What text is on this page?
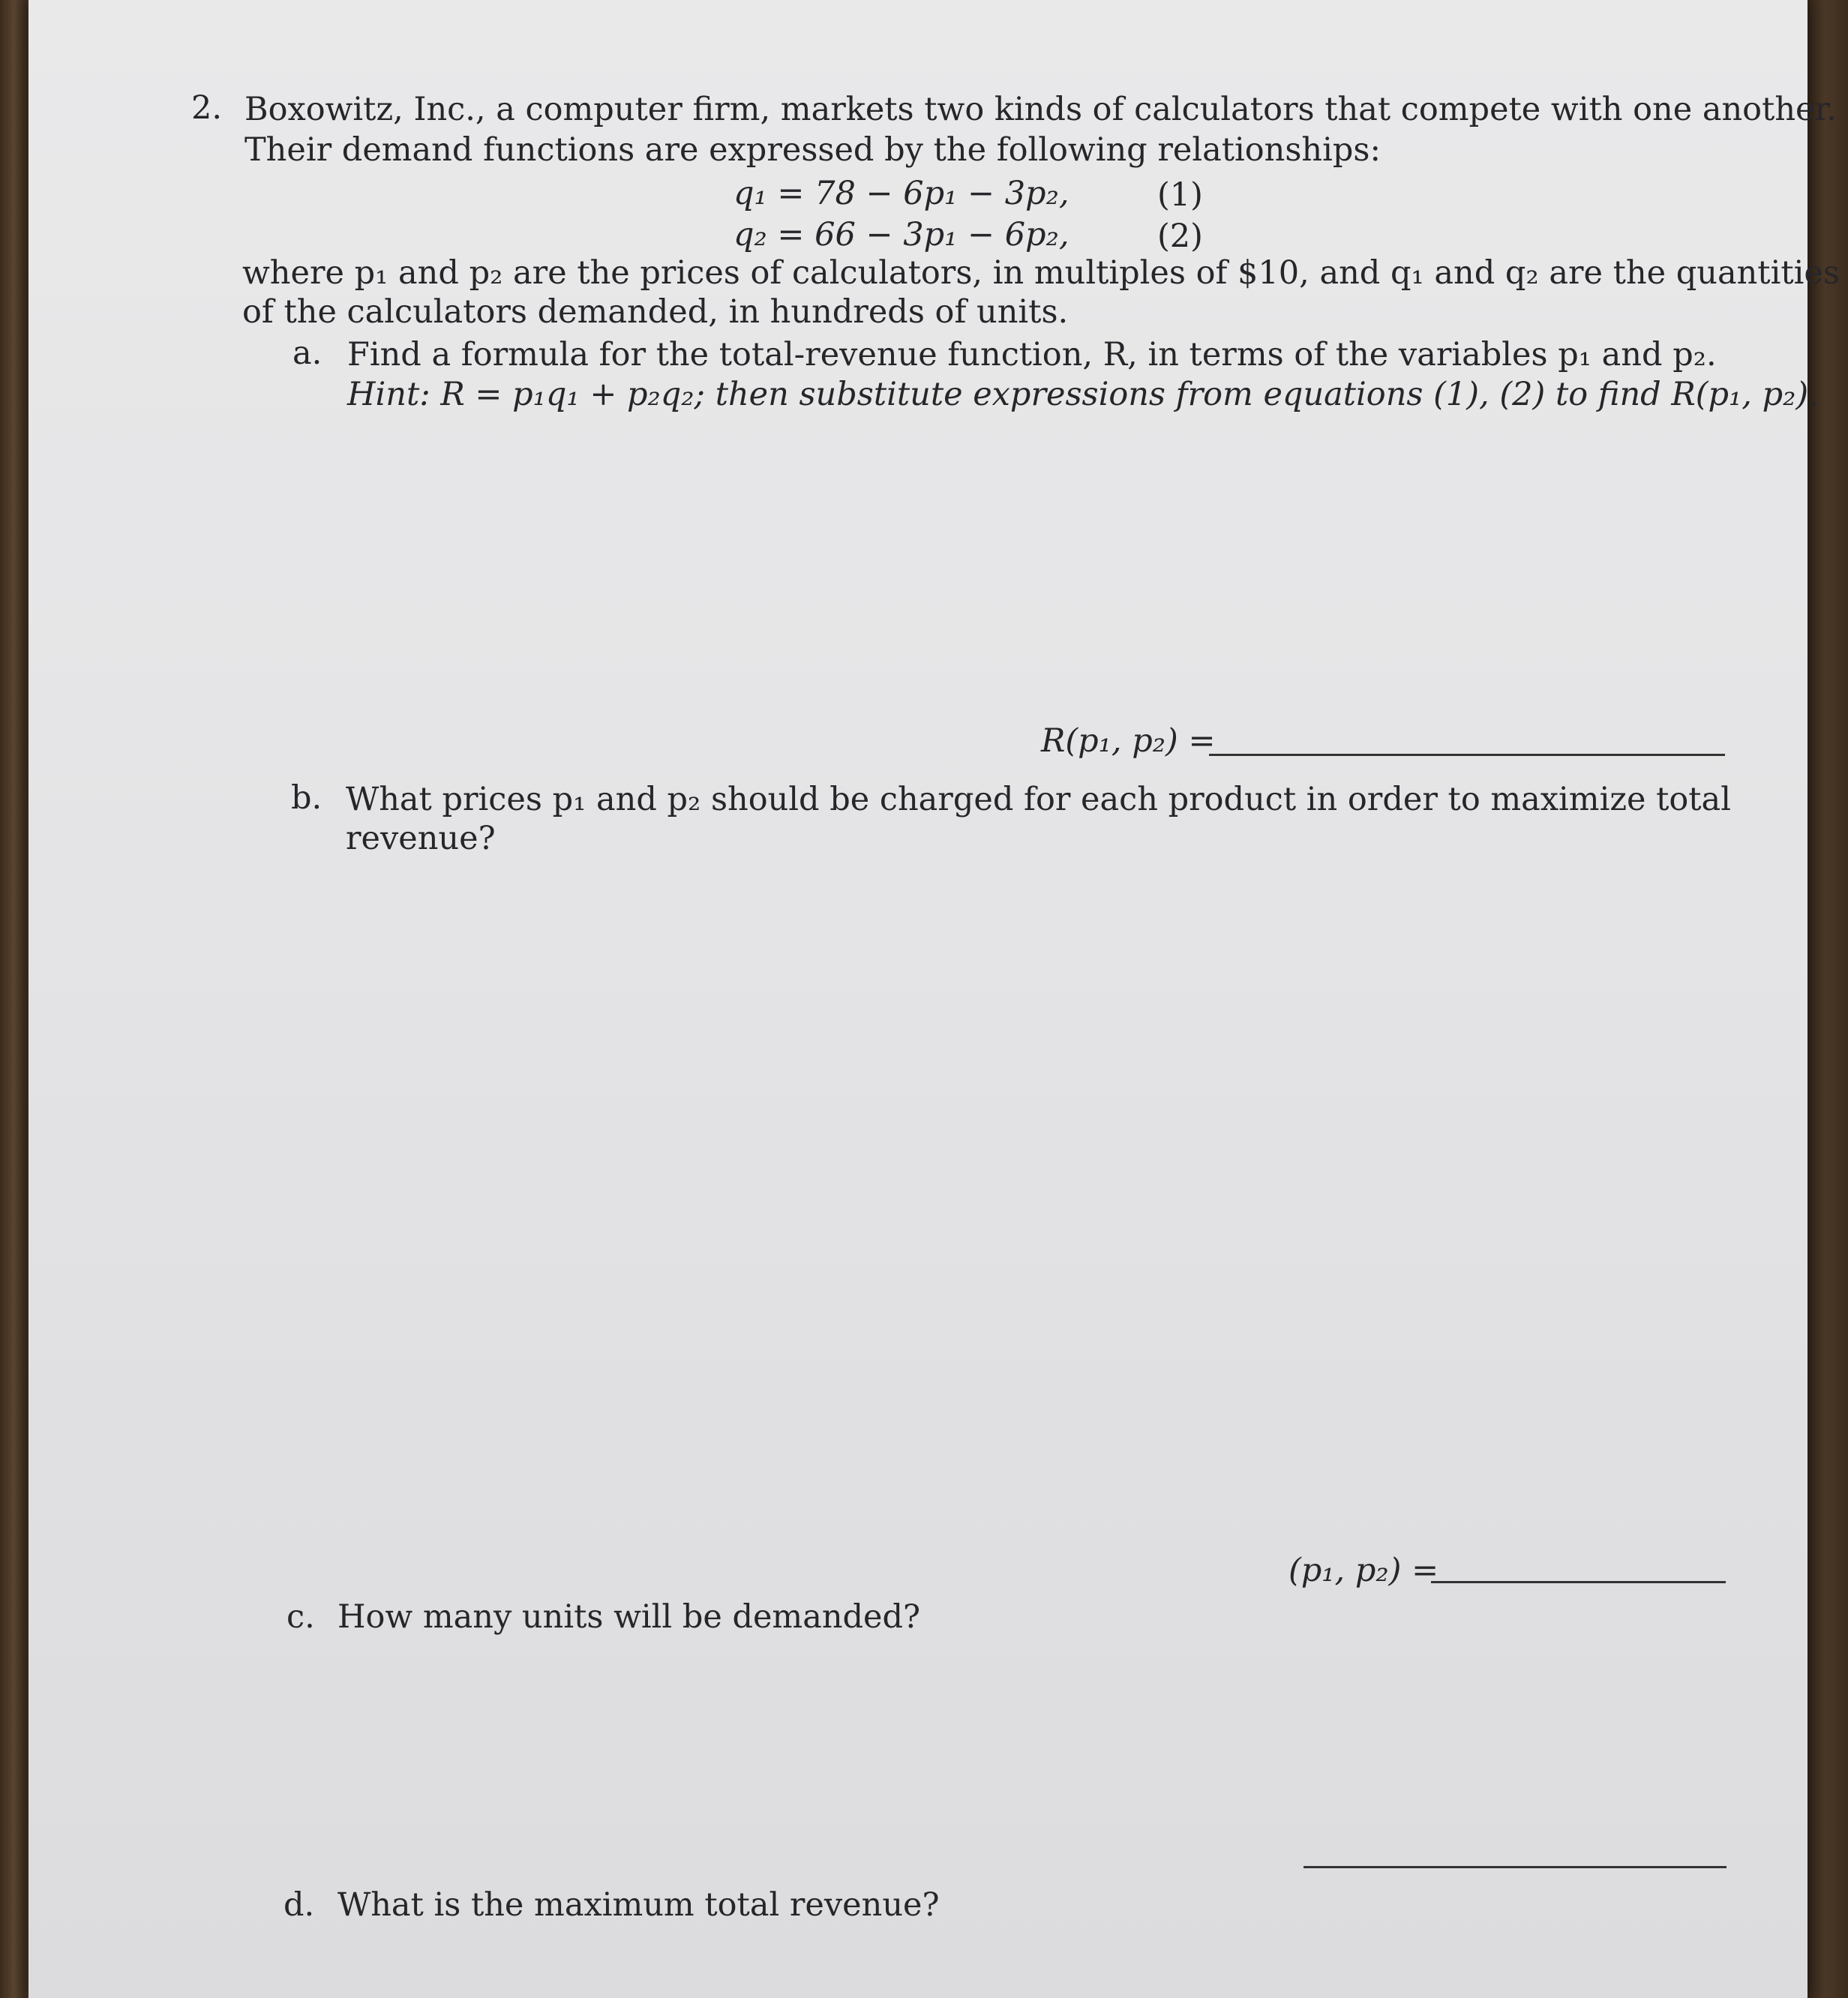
2. Boxowitz, Inc., a computer firm, markets two kinds of calculators that compete with one another.
Their demand functions are expressed by the following relationships:
q₁ = 78 − 6p₁ − 3p₂,	(1)
q₂ = 66 − 3p₁ − 6p₂,	(2)
where p₁ and p₂ are the prices of calculators, in multiples of $10, and q₁ and q₂ are the quantities
of the calculators demanded, in hundreds of units.
a. Find a formula for the total-revenue function, R, in terms of the variables p₁ and p₂.
Hint: R = p₁q₁ + p₂q₂; then substitute expressions from equations (1), (2) to find R(p₁, p₂).
R(p₁, p₂) =
b. What prices p₁ and p₂ should be charged for each product in order to maximize total
revenue?
(p₁, p₂) =
c. How many units will be demanded?
d. What is the maximum total revenue?
